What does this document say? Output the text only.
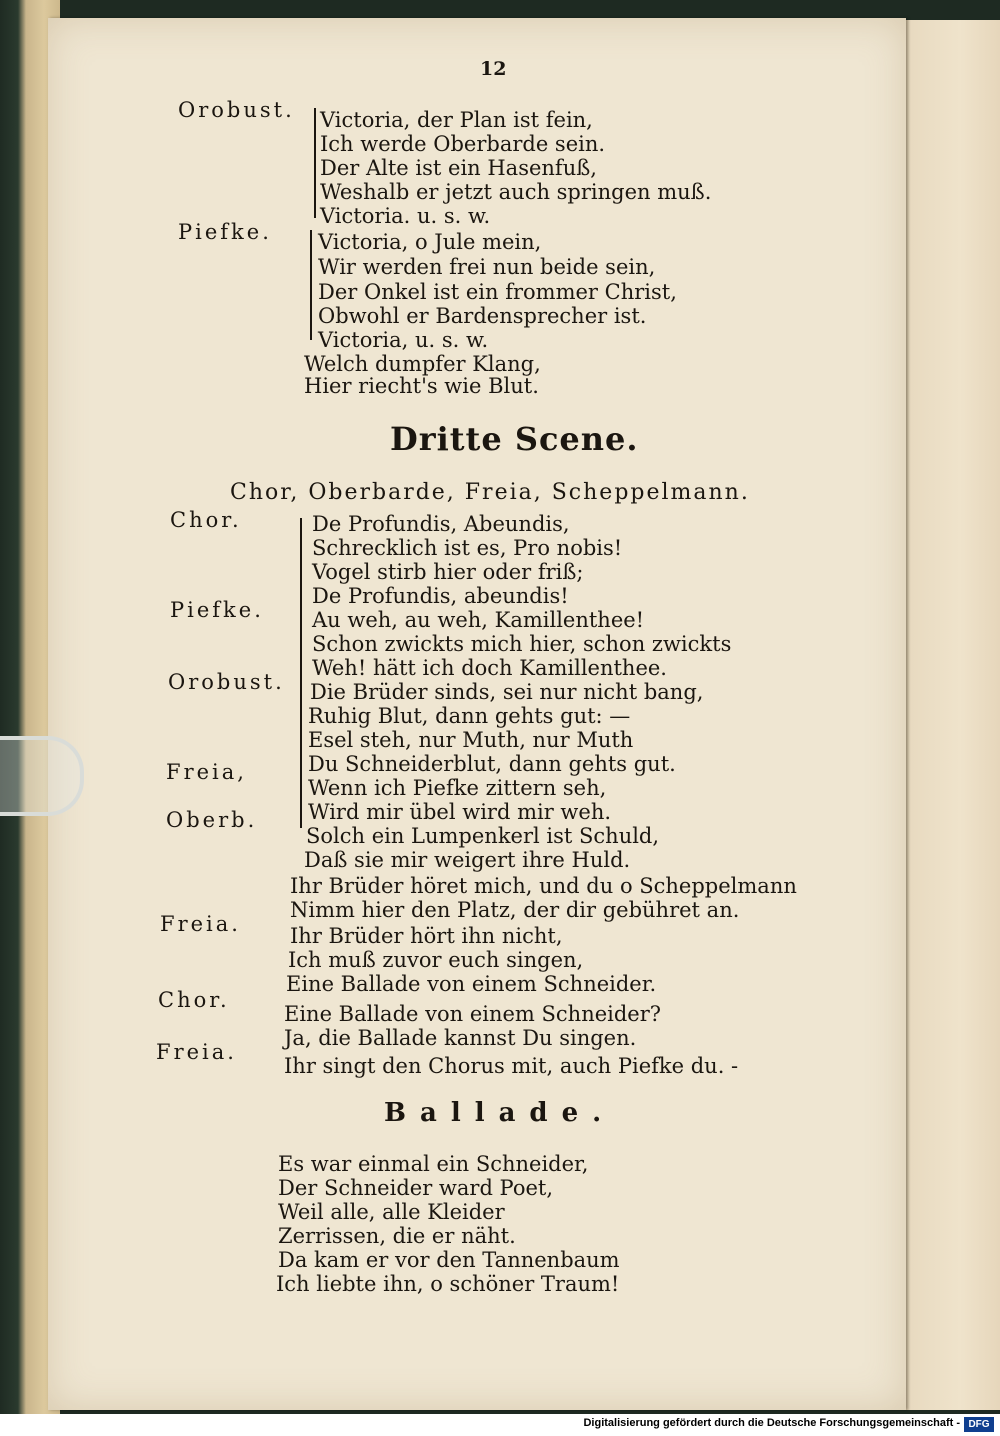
12
Orobust. Victoria, der Plan ist fein,
Ich werde Oberbarde sein.
Der Alte ist ein Hasenfuß,
Weshalb er jetzt auch springen muß.
Victoria. u. s. w.
Piefke. Victoria, o Jule mein,
Wir werden frei nun beide sein,
Der Onkel ist ein frommer Christ,
Obwohl er Bardensprecher ist.
Victoria, u. s. w.
Welch dumpfer Klang,
Hier riecht's wie Blut.
Dritte Scene.
Chor, Oberbarde, Freia, Scheppelmann.
Chor.
Piefke.
Orobust.
Freia,
Oberb.
De Profundis, Abeundis,
Schrecklich ist es, Pro nobis!
Vogel stirb hier oder friß;
De Profundis, abeundis!
Au weh, au weh, Kamillenthee!
Schon zwickts mich hier, schon zwickts
Weh! hätt ich doch Kamillenthee.
Die Brüder sinds, sei nur nicht bang,
Ruhig Blut, dann gehts gut: —
Esel steh, nur Muth, nur Muth
Du Schneiderblut, dann gehts gut.
Wenn ich Piefke zittern seh,
Wird mir übel wird mir weh.
Solch ein Lumpenkerl ist Schuld,
Daß sie mir weigert ihre Huld.
Ihr Brüder höret mich, und du o Scheppelmann
Nimm hier den Platz, der dir gebühret an.
Freia. Ihr Brüder hört ihn nicht,
Ich muß zuvor euch singen,
Eine Ballade von einem Schneider.
Chor.
Eine Ballade von einem Schneider?
Ja, die Ballade kannst Du singen.
Freia.
Ihr singt den Chorus mit, auch Piefke du. -
Ballade.
Es war einmal ein Schneider,
Der Schneider ward Poet,
Weil alle, alle Kleider
Zerrissen, die er näht.
Da kam er vor den Tannenbaum
Ich liebte ihn, o schöner Traum!
Digitalisierung gefördert durch die Deutsche Forschungsgemeinschaft - DFG
